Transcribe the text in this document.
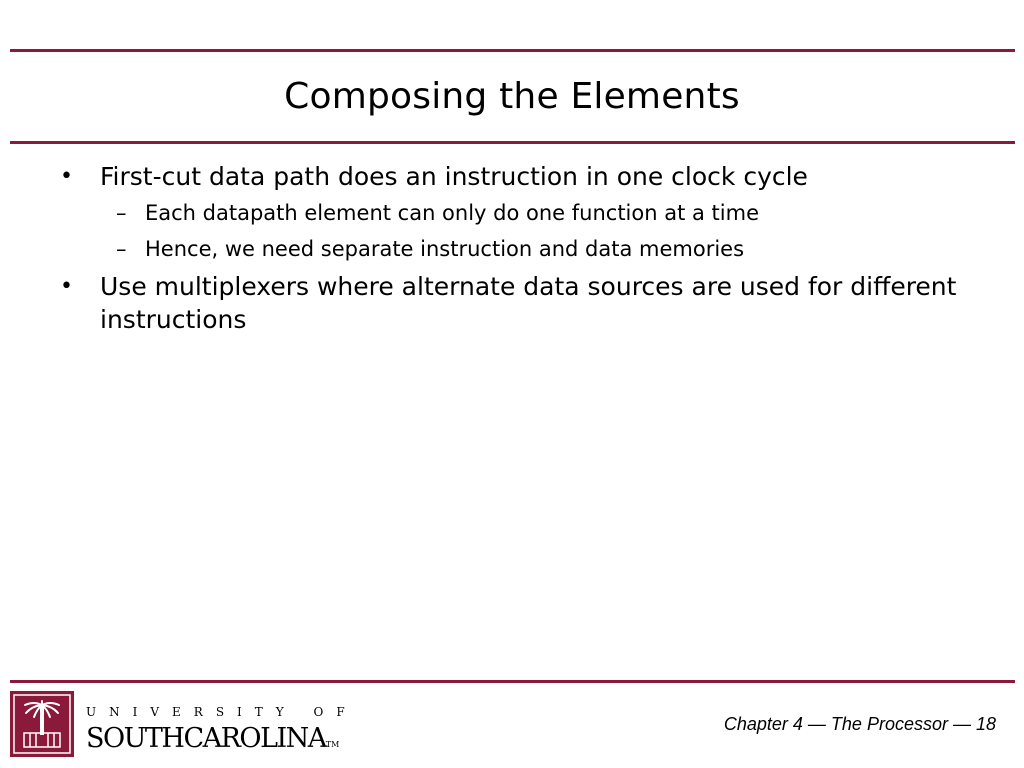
Composing the Elements
•	First-cut data path does an instruction in one clock cycle
– Each datapath element can only do one function at a time
– Hence, we need separate instruction and data memories
•	Use multiplexers where alternate data sources are used for different instructions
UNIVERSITY OF
SOUTHCAROLINATM
Chapter 4 — The Processor — 18
